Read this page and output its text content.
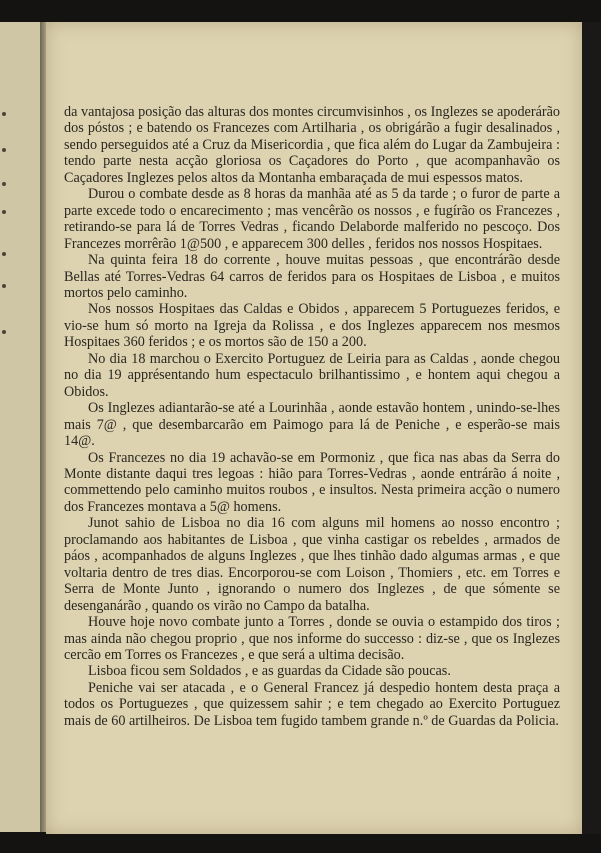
da vantajosa posição das alturas dos montes circumvisinhos , os Inglezes se apoderárão dos póstos ; e batendo os Francezes com Artilharia , os obrigárão a fugir desalinados , sendo perseguidos até a Cruz da Misericordia , que fica além do Lugar da Zambujeira : tendo parte nesta acção gloriosa os Caçadores do Porto , que acompanhavão os Caçadores Inglezes pelos altos da Montanha embaraçada de mui espessos matos.

Durou o combate desde as 8 horas da manhãa até as 5 da tarde ; o furor de parte a parte excede todo o encarecimento ; mas vencêrão os nossos , e fugírão os Francezes , retirando-se para lá de Torres Vedras , ficando Delaborde malferido no pescoço. Dos Francezes morrêrão 1@500 , e apparecem 300 delles , feridos nos nossos Hospitaes.

Na quinta feira 18 do corrente , houve muitas pessoas , que encontrárão desde Bellas até Torres-Vedras 64 carros de feridos para os Hospitaes de Lisboa , e muitos mortos pelo caminho.

Nos nossos Hospitaes das Caldas e Obidos , apparecem 5 Portuguezes feridos, e vio-se hum só morto na Igreja da Rolissa , e dos Inglezes apparecem nos mesmos Hospitaes 360 feridos ; e os mortos são de 150 a 200.

No dia 18 marchou o Exercito Portuguez de Leiria para as Caldas , aonde chegou no dia 19 apprésentando hum espectaculo brilhantissimo , e hontem aqui chegou a Obidos.

Os Inglezes adiantarão-se até a Lourinhãa , aonde estavão hontem , unindo-se-lhes mais 7@ , que desembarcarão em Paimogo para lá de Peniche , e esperão-se mais 14@.

Os Francezes no dia 19 achavão-se em Pormoniz , que fica nas abas da Serra do Monte distante daqui tres legoas : hião para Torres-Vedras , aonde entrárão á noite , commettendo pelo caminho muitos roubos , e insultos. Nesta primeira acção o numero dos Francezes montava a 5@ homens.

Junot sahio de Lisboa no dia 16 com alguns mil homens ao nosso encontro ; proclamando aos habitantes de Lisboa , que vinha castigar os rebeldes , armados de páos , acompanhados de alguns Inglezes , que lhes tinhão dado algumas armas , e que voltaria dentro de tres dias. Encorporou-se com Loison , Thomiers , etc. em Torres e Serra de Monte Junto , ignorando o numero dos Inglezes , de que sómente se desenganárão , quando os virão no Campo da batalha.

Houve hoje novo combate junto a Torres , donde se ouvia o estampido dos tiros ; mas ainda não chegou proprio , que nos informe do successo : diz-se , que os Inglezes cercão em Torres os Francezes , e que será a ultima decisão.

Lisboa ficou sem Soldados , e as guardas da Cidade são poucas.

Peniche vai ser atacada , e o General Francez já despedio hontem desta praça a todos os Portuguezes , que quizessem sahir ; e tem chegado ao Exercito Portuguez mais de 60 artilheiros. De Lisboa tem fugido tambem grande n.º de Guardas da Policia.
